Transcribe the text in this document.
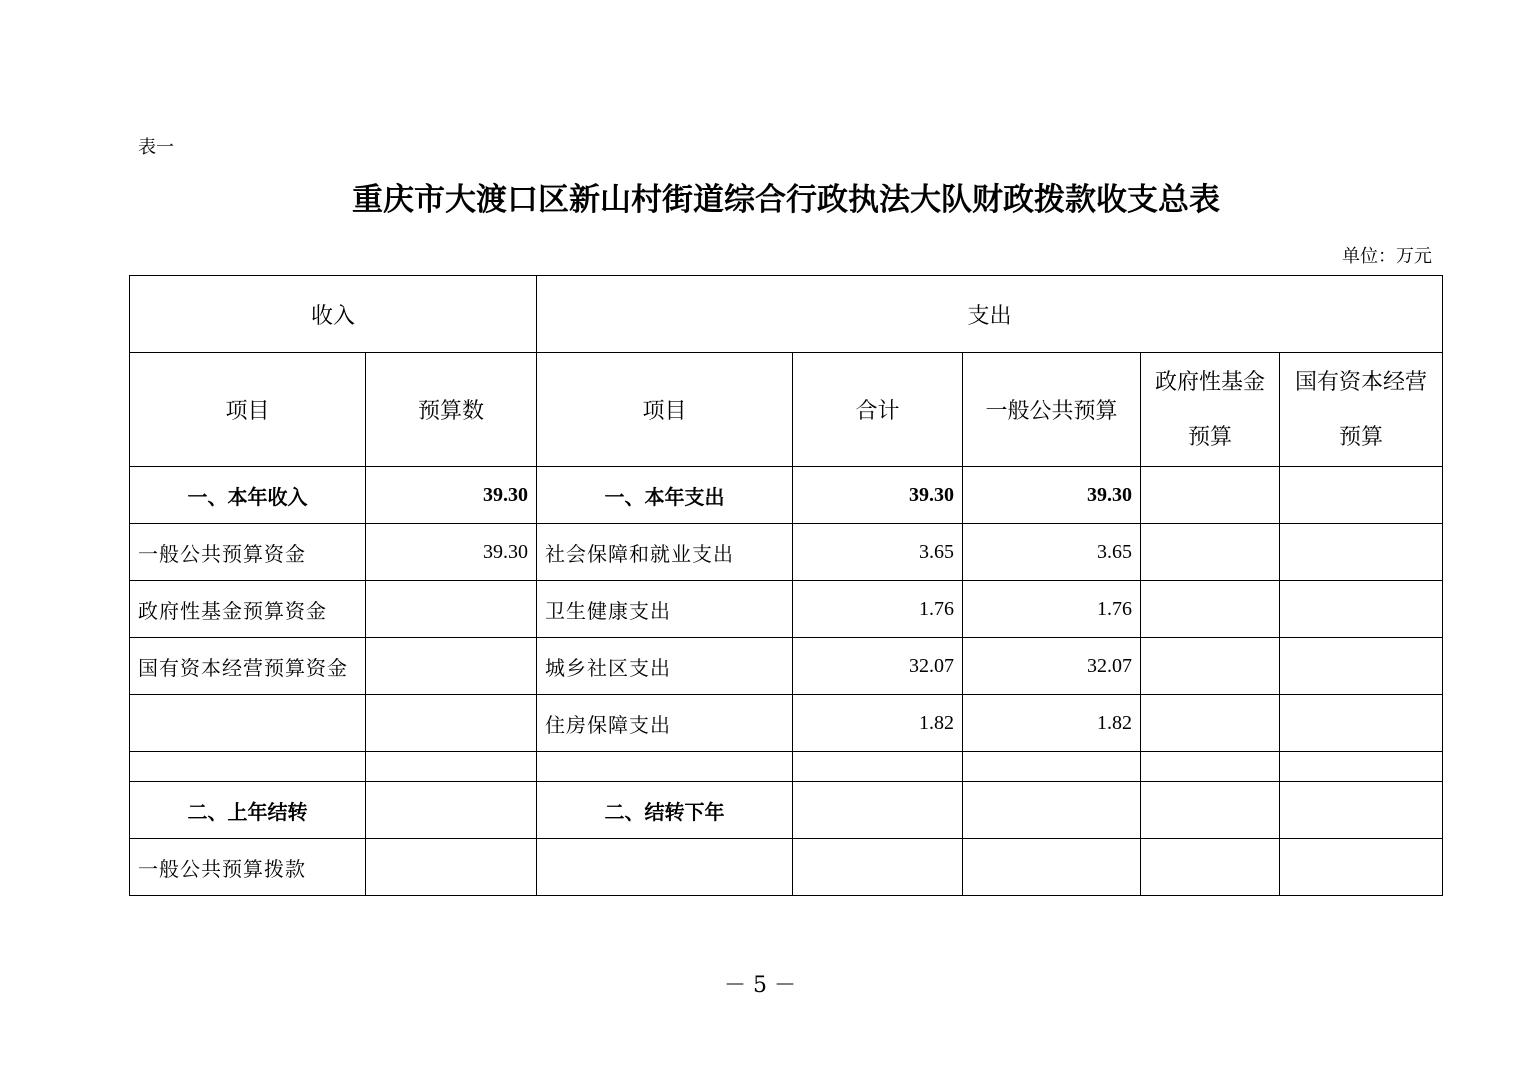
表一
重庆市大渡口区新山村街道综合行政执法大队财政拨款收支总表
单位：万元
收入		支出				
项目	预算数	项目	合计	一般公共预算	政府性基金预算	国有资本经营预算
一、本年收入	39.30	一、本年支出	39.30	39.30		
一般公共预算资金	39.30	社会保障和就业支出	3.65	3.65		
政府性基金预算资金		卫生健康支出	1.76	1.76		
国有资本经营预算资金		城乡社区支出	32.07	32.07		
		住房保障支出	1.82	1.82		

二、上年结转		二、结转下年				
一般公共预算拨款						
－ 5 －
